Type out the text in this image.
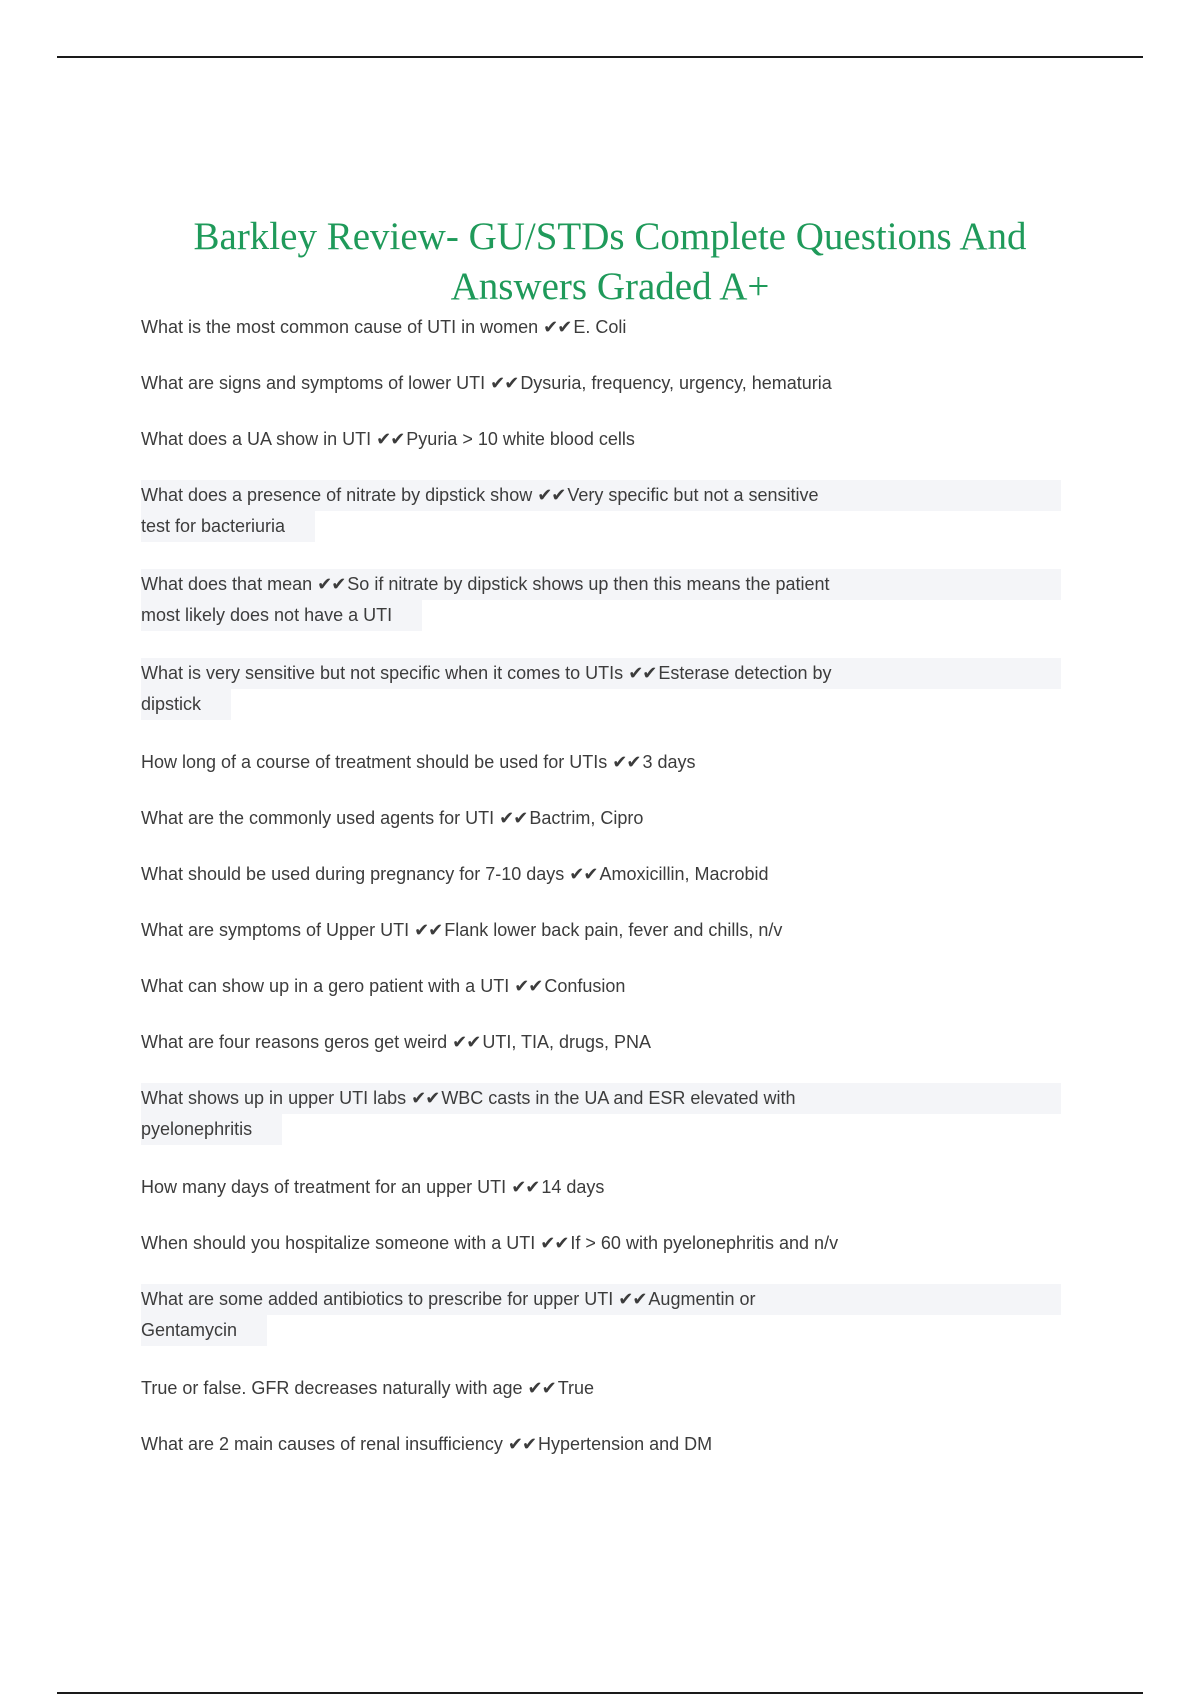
Barkley Review- GU/STDs Complete Questions And Answers Graded A+
What is the most common cause of UTI in women ✔✔ E. Coli
What are signs and symptoms of lower UTI ✔✔ Dysuria, frequency, urgency, hematuria
What does a UA show in UTI ✔✔ Pyuria > 10 white blood cells
What does a presence of nitrate by dipstick show ✔✔ Very specific but not a sensitive
test for bacteriuria
What does that mean ✔✔ So if nitrate by dipstick shows up then this means the patient
most likely does not have a UTI
What is very sensitive but not specific when it comes to UTIs ✔✔ Esterase detection by
dipstick
How long of a course of treatment should be used for UTIs ✔✔ 3 days
What are the commonly used agents for UTI ✔✔ Bactrim, Cipro
What should be used during pregnancy for 7-10 days ✔✔ Amoxicillin, Macrobid
What are symptoms of Upper UTI ✔✔ Flank lower back pain, fever and chills, n/v
What can show up in a gero patient with a UTI ✔✔ Confusion
What are four reasons geros get weird ✔✔ UTI, TIA, drugs, PNA
What shows up in upper UTI labs ✔✔ WBC casts in the UA and ESR elevated with
pyelonephritis
How many days of treatment for an upper UTI ✔✔ 14 days
When should you hospitalize someone with a UTI ✔✔ If > 60 with pyelonephritis and n/v
What are some added antibiotics to prescribe for upper UTI ✔✔ Augmentin or
Gentamycin
True or false. GFR decreases naturally with age ✔✔ True
What are 2 main causes of renal insufficiency ✔✔ Hypertension and DM
